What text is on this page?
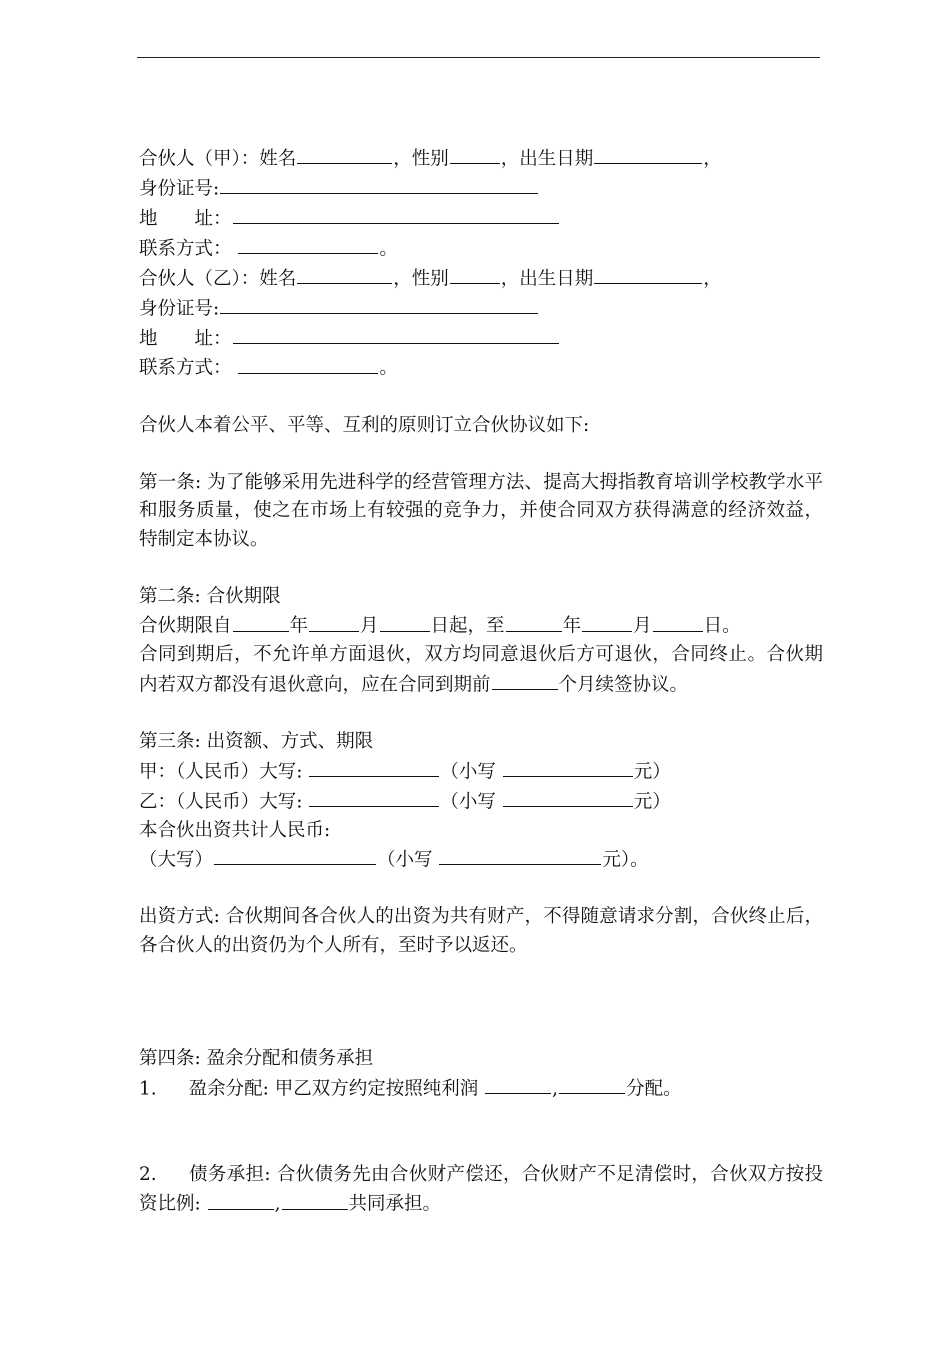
合伙人（甲）：姓名	，性别	，出生日期	，

身份证号:

地　　址：

联系方式：	。

合伙人（乙）：姓名	，性别	，出生日期	，

身份证号:

地　　址：

联系方式：	。

合伙人本着公平、平等、互利的原则订立合伙协议如下:

第一条: 为了能够采用先进科学的经营管理方法、提高大拇指教育培训学校教学水平和服务质量，使之在市场上有较强的竞争力，并使合同双方获得满意的经济效益，特制定本协议。

第二条: 合伙期限

合伙期限自	年	月	日起，至	年	月	日。

合同到期后，不允许单方面退伙，双方均同意退伙后方可退伙，合同终止。合伙期内若双方都没有退伙意向，应在合同到期前	个月续签协议。

第三条: 出资额、方式、期限

甲：（人民币）大写:	（小写	元）

乙：（人民币）大写:	（小写	元）

本合伙出资共计人民币:

（大写）	（小写	元）。

出资方式: 合伙期间各合伙人的出资为共有财产，不得随意请求分割，合伙终止后，各合伙人的出资仍为个人所有，至时予以返还。

第四条: 盈余分配和债务承担

1. 盈余分配: 甲乙双方约定按照纯利润	,	分配。

2. 债务承担: 合伙债务先由合伙财产偿还，合伙财产不足清偿时，合伙双方按投资比例:	,	共同承担。
